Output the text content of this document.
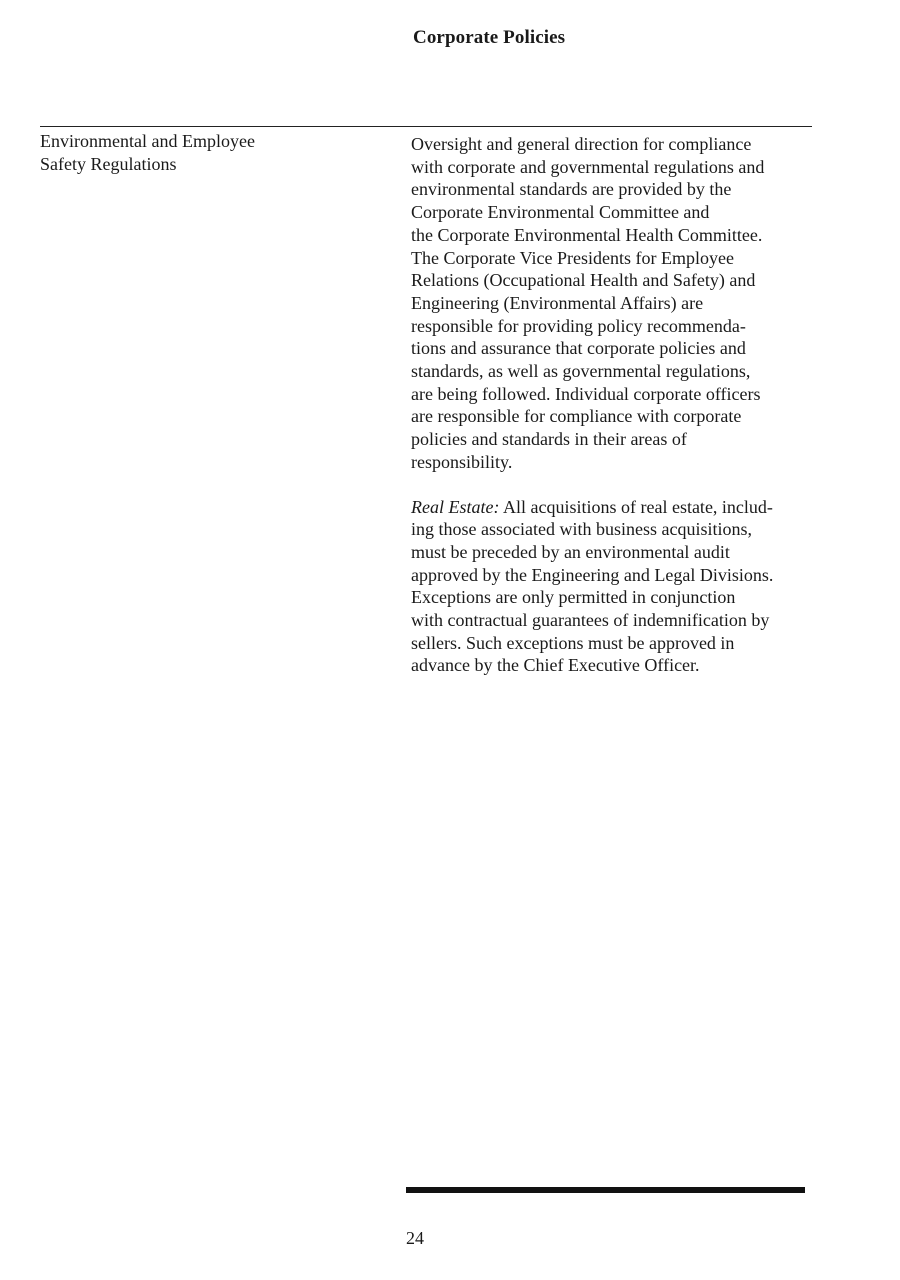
Corporate Policies
Environmental and Employee
Safety Regulations

Oversight and general direction for compliance
with corporate and governmental regulations and
environmental standards are provided by the
Corporate Environmental Committee and
the Corporate Environmental Health Committee.
The Corporate Vice Presidents for Employee
Relations (Occupational Health and Safety) and
Engineering (Environmental Affairs) are
responsible for providing policy recommenda-
tions and assurance that corporate policies and
standards, as well as governmental regulations,
are being followed. Individual corporate officers
are responsible for compliance with corporate
policies and standards in their areas of
responsibility.

Real Estate: All acquisitions of real estate, includ-
ing those associated with business acquisitions,
must be preceded by an environmental audit
approved by the Engineering and Legal Divisions.
Exceptions are only permitted in conjunction
with contractual guarantees of indemnification by
sellers. Such exceptions must be approved in
advance by the Chief Executive Officer.

24
